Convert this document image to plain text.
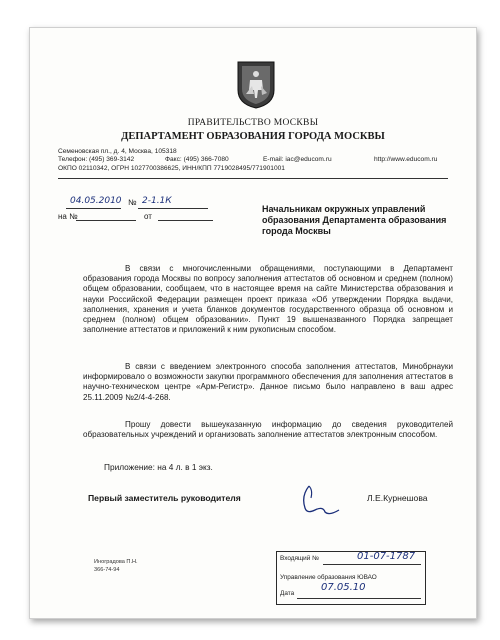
ПРАВИТЕЛЬСТВО МОСКВЫ
ДЕПАРТАМЕНТ ОБРАЗОВАНИЯ ГОРОДА МОСКВЫ
Семеновская пл., д. 4, Москва, 105318
Телефон: (495) 369-3142	Факс: (495) 366-7080	E-mail: iac@educom.ru	http://www.educom.ru
ОКПО 02110342, ОГРН 1027700386625, ИНН/КПП 7719028495/771901001
04.05.2010 № 2-1.1К
на №	от
Начальникам окружных управлений образования Департамента образования города Москвы
В связи с многочисленными обращениями, поступающими в Департамент образования города Москвы по вопросу заполнения аттестатов об основном и среднем (полном) общем образовании, сообщаем, что в настоящее время на сайте Министерства образования и науки Российской Федерации размещен проект приказа «Об утверждении Порядка выдачи, заполнения, хранения и учета бланков документов государственного образца об основном и среднем (полном) общем образовании». Пункт 19 вышеназванного Порядка запрещает заполнение аттестатов и приложений к ним рукописным способом.
В связи с введением электронного способа заполнения аттестатов, Минобрнауки информировало о возможности закупки программного обеспечения для заполнения аттестатов в научно-техническом центре «Арм-Регистр». Данное письмо было направлено в ваш адрес 25.11.2009 №2/4-4-268.
Прошу довести вышеуказанную информацию до сведения руководителей образовательных учреждений и организовать заполнение аттестатов электронным способом.
Приложение: на 4 л. в 1 экз.
Первый заместитель руководителя	Л.Е.Курнешова
Иноградова П.Н.
366-74-94
Входящий №	01-07-1787
Управление образования ЮВАО
Дата
07.05.10
